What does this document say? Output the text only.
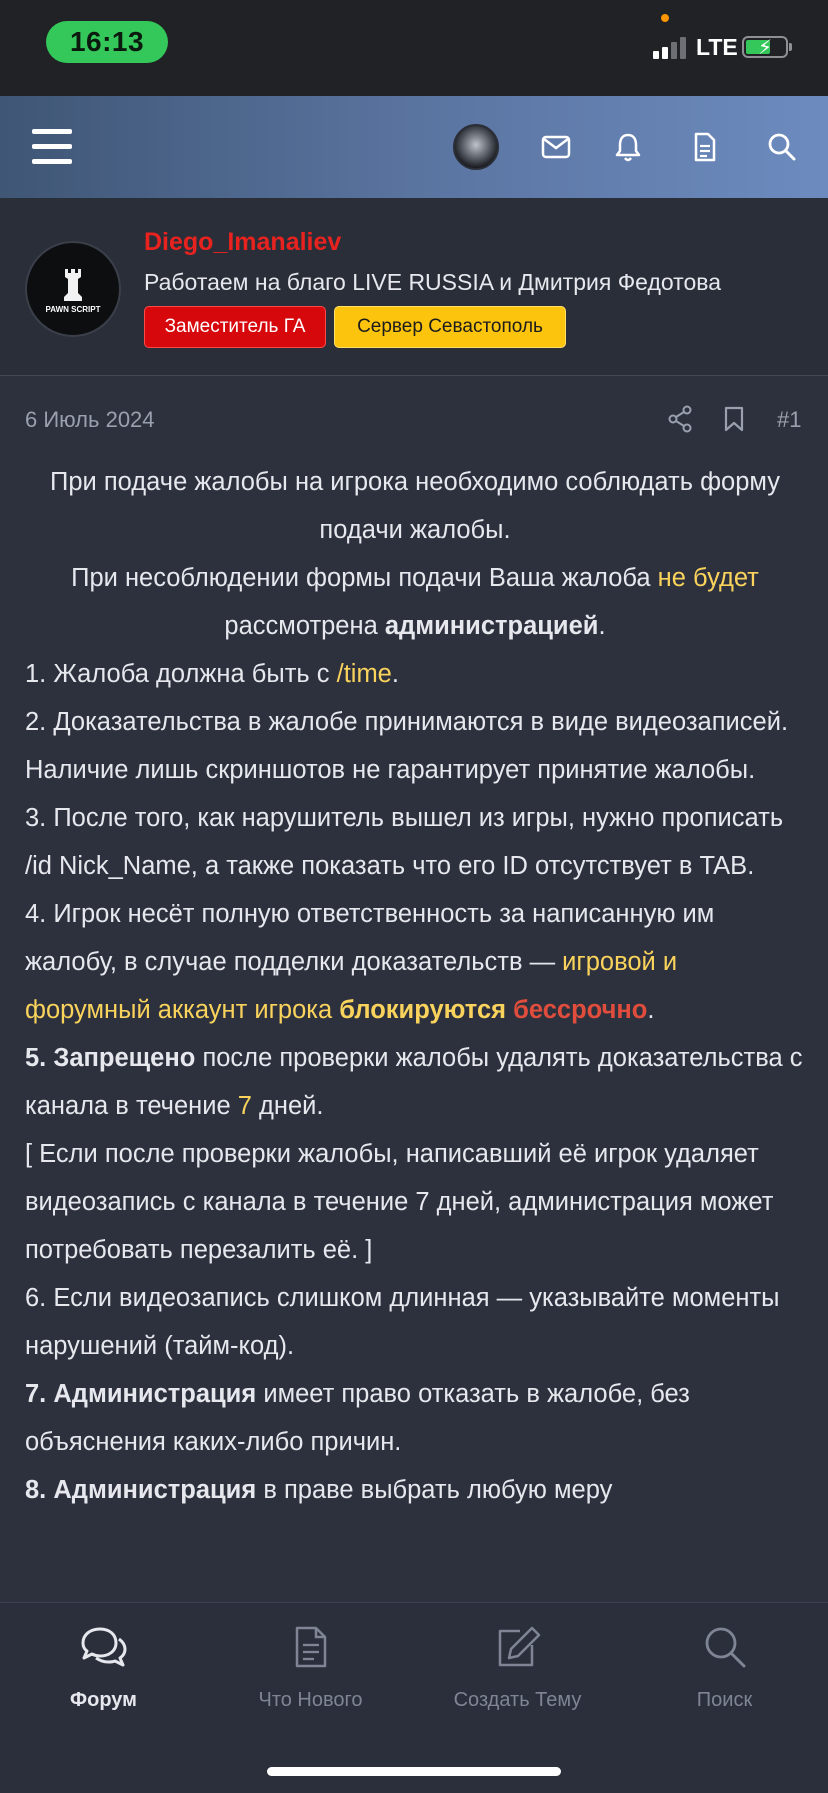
16:13	LTE ⚡
PAWN SCRIPT
Diego_Imanaliev
Работаем на благо LIVE RUSSIA и Дмитрия Федотова
Заместитель ГА	Сервер Севастополь
6 Июль 2024	#1

При подаче жалобы на игрока необходимо соблюдать форму подачи жалобы.

При несоблюдении формы подачи Ваша жалоба не будет рассмотрена администрацией.

1. Жалоба должна быть с /time.

2. Доказательства в жалобе принимаются в виде видеозаписей. Наличие лишь скриншотов не гарантирует принятие жалобы.

3. После того, как нарушитель вышел из игры, нужно прописать /id Nick_Name, а также показать что его ID отсутствует в TAB.

4. Игрок несёт полную ответственность за написанную им жалобу, в случае подделки доказательств — игровой и форумный аккаунт игрока блокируются бессрочно.

5. Запрещено после проверки жалобы удалять доказательства с канала в течение 7 дней.

[ Если после проверки жалобы, написавший её игрок удаляет видеозапись с канала в течение 7 дней, администрация может потребовать перезалить её. ]

6. Если видеозапись слишком длинная — указывайте моменты нарушений (тайм-код).

7. Администрация имеет право отказать в жалобе, без объяснения каких-либо причин.

8. Администрация в праве выбрать любую меру

Форум	Что Нового	Создать Тему	Поиск
